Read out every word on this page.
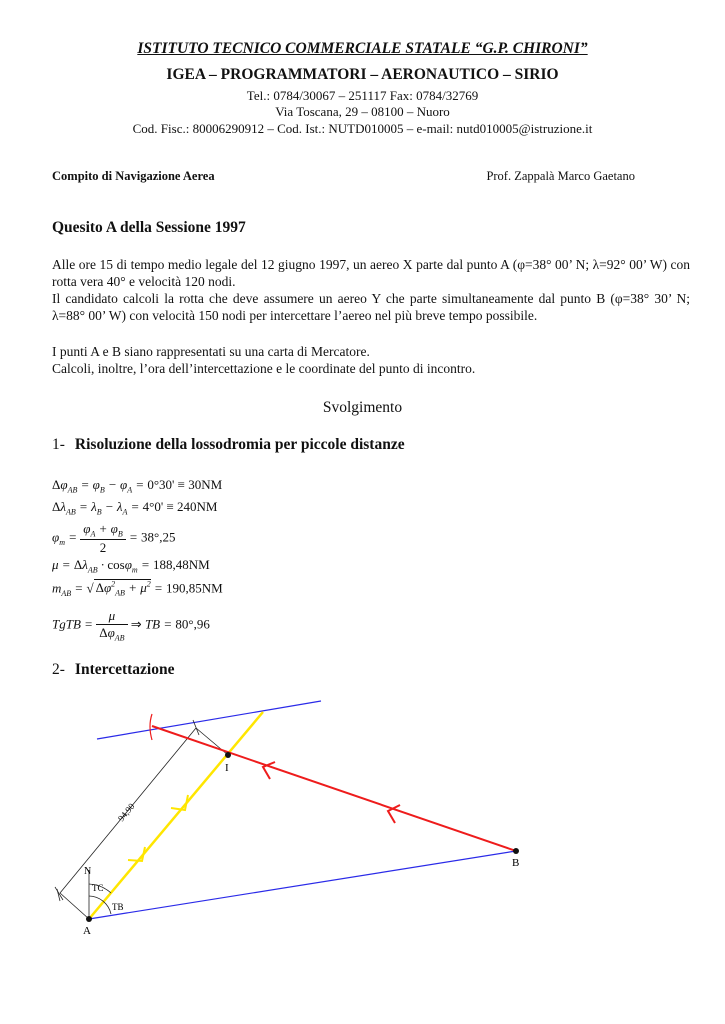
ISTITUTO TECNICO COMMERCIALE STATALE “G.P. CHIRONI”
IGEA – PROGRAMMATORI – AERONAUTICO – SIRIO
Tel.: 0784/30067 – 251117 Fax: 0784/32769
Via Toscana, 29 – 08100 – Nuoro
Cod. Fisc.: 80006290912 – Cod. Ist.: NUTD010005 – e-mail: nutd010005@istruzione.it
Compito di Navigazione Aerea	Prof. Zappalà Marco Gaetano
Quesito A della Sessione 1997
Alle ore 15 di tempo medio legale del 12 giugno 1997, un aereo X parte dal punto A (φ=38° 00’ N; λ=92° 00’ W) con rotta vera 40° e velocità 120 nodi.
Il candidato calcoli la rotta che deve assumere un aereo Y che parte simultaneamente dal punto B (φ=38° 30’ N; λ=88° 00’ W) con velocità 150 nodi per intercettare l’aereo nel più breve tempo possibile.
I punti A e B siano rappresentati su una carta di Mercatore.
Calcoli, inoltre, l’ora dell’intercettazione e le coordinate del punto di incontro.
Svolgimento
1- Risoluzione della lossodromia per piccole distanze
$\Delta\varphi_{AB} = \varphi_B - \varphi_A = 0^\circ 30' \equiv 30NM$
$\Delta\lambda_{AB} = \lambda_B - \lambda_A = 4^\circ 0' \equiv 240NM$
$\varphi_m = \frac{\varphi_A + \varphi_B}{2} = 38^\circ,25$
$\mu = \Delta\lambda_{AB} \cdot \cos\varphi_m = 188,48NM$
$m_{AB}$ = √ $\Delta\varphi^2_{AB} + \mu^2 = 190,85NM$
TgTB =
μ
$\Delta\varphi_{AB}$
⇒ TB = 80°,96
2- Intercettazione
A
B
I
N
TC
TB
94,90
